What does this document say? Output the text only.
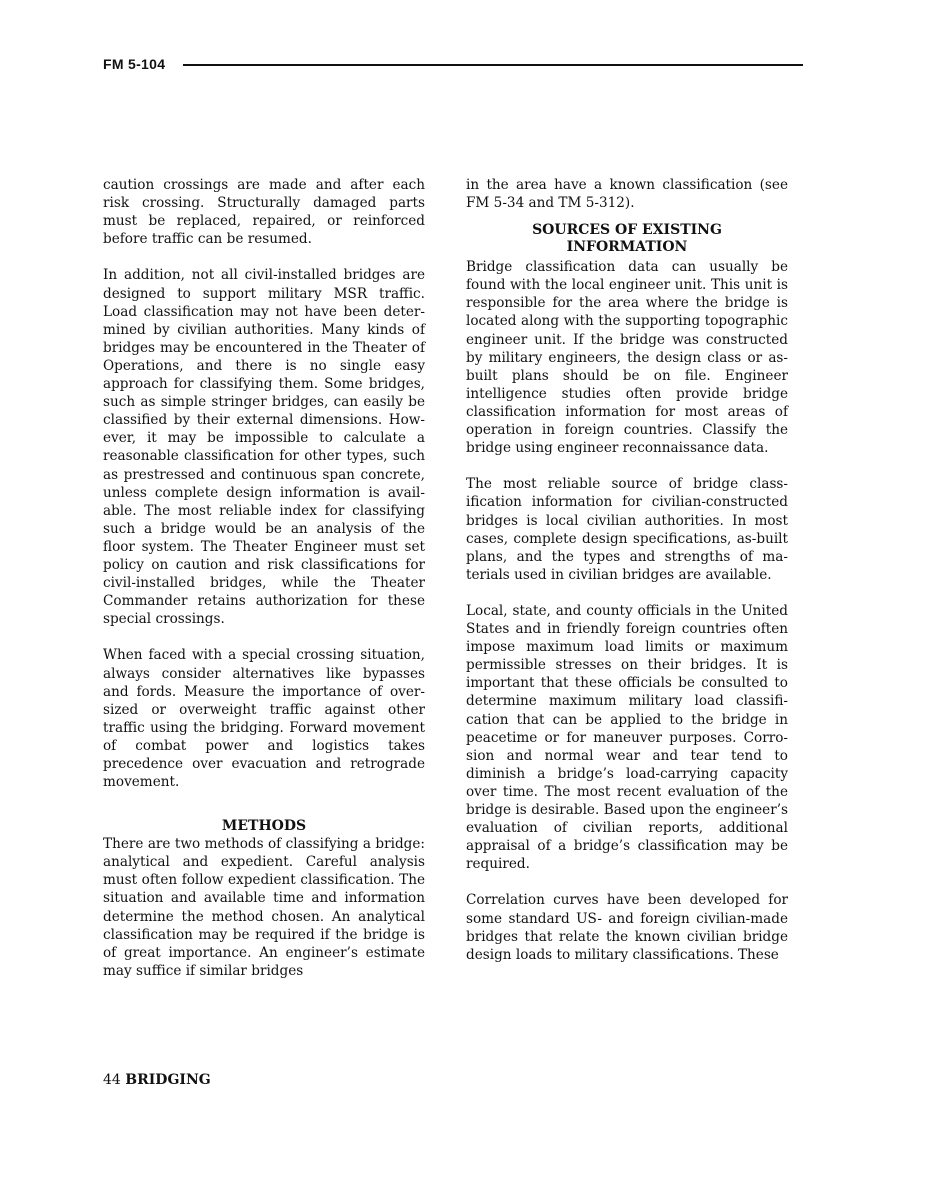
FM 5-104

caution crossings are made and after each risk crossing. Structurally damaged parts must be replaced, repaired, or reinforced before traffic can be resumed.

In addition, not all civil-installed bridges are designed to support military MSR traffic. Load classification may not have been determined by civilian authorities. Many kinds of bridges may be encountered in the Theater of Operations, and there is no single easy approach for classifying them. Some bridges, such as simple stringer bridges, can easily be classified by their external dimensions. However, it may be impossible to calculate a reasonable classification for other types, such as prestressed and continuous span concrete, unless complete design information is available. The most reliable index for classifying such a bridge would be an analysis of the floor system. The Theater Engineer must set policy on caution and risk classifications for civil-installed bridges, while the Theater Commander retains authorization for these special crossings.

When faced with a special crossing situation, always consider alternatives like bypasses and fords. Measure the importance of oversized or overweight traffic against other traffic using the bridging. Forward movement of combat power and logistics takes precedence over evacuation and retrograde movement.

METHODS

There are two methods of classifying a bridge: analytical and expedient. Careful analysis must often follow expedient classification. The situation and available time and information determine the method chosen. An analytical classification may be required if the bridge is of great importance. An engineer’s estimate may suffice if similar bridges

in the area have a known classification (see FM 5-34 and TM 5-312).

SOURCES OF EXISTING INFORMATION

Bridge classification data can usually be found with the local engineer unit. This unit is responsible for the area where the bridge is located along with the supporting topographic engineer unit. If the bridge was constructed by military engineers, the design class or as-built plans should be on file. Engineer intelligence studies often provide bridge classification information for most areas of operation in foreign countries. Classify the bridge using engineer reconnaissance data.

The most reliable source of bridge classification information for civilian-constructed bridges is local civilian authorities. In most cases, complete design specifications, as-built plans, and the types and strengths of materials used in civilian bridges are available.

Local, state, and county officials in the United States and in friendly foreign countries often impose maximum load limits or maximum permissible stresses on their bridges. It is important that these officials be consulted to determine maximum military load classification that can be applied to the bridge in peacetime or for maneuver purposes. Corrosion and normal wear and tear tend to diminish a bridge’s load-carrying capacity over time. The most recent evaluation of the bridge is desirable. Based upon the engineer’s evaluation of civilian reports, additional appraisal of a bridge’s classification may be required.

Correlation curves have been developed for some standard US- and foreign civilian-made bridges that relate the known civilian bridge design loads to military classifications. These

44 BRIDGING
